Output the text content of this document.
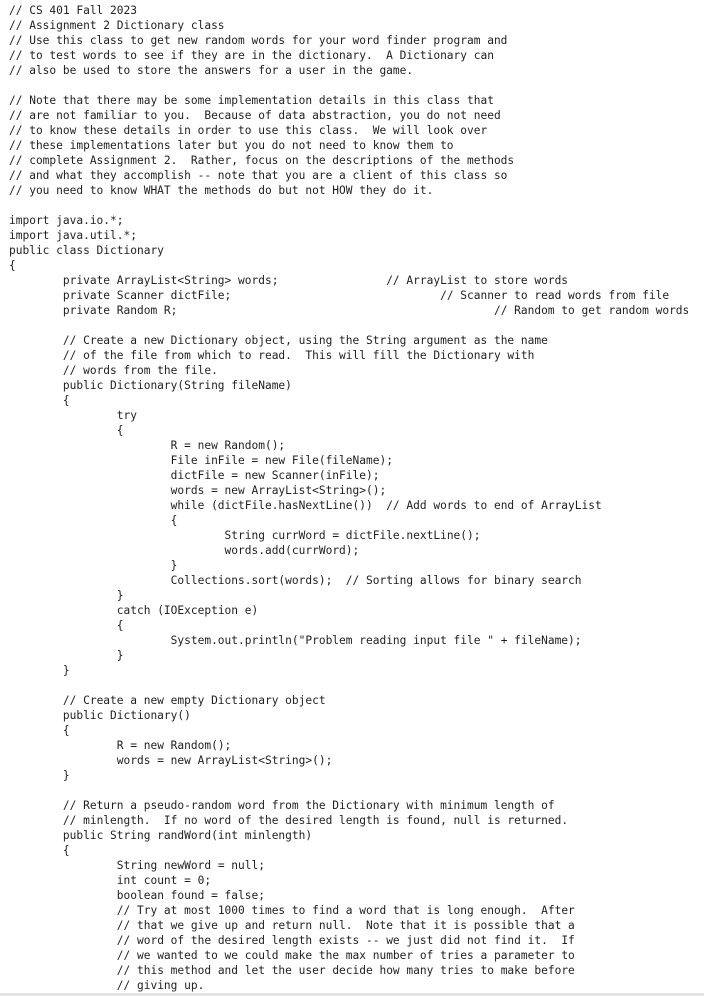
// CS 401 Fall 2023
// Assignment 2 Dictionary class
// Use this class to get new random words for your word finder program and
// to test words to see if they are in the dictionary.  A Dictionary can
// also be used to store the answers for a user in the game.
// Note that there may be some implementation details in this class that
// are not familiar to you.  Because of data abstraction, you do not need
// to know these details in order to use this class.  We will look over
// these implementations later but you do not need to know them to
// complete Assignment 2.  Rather, focus on the descriptions of the methods
// and what they accomplish -- note that you are a client of this class so
// you need to know WHAT the methods do but not HOW they do it.
import java.io.*;
import java.util.*;
public class Dictionary
{
	private ArrayList<String> words;		// ArrayList to store words
	private Scanner dictFile;				// Scanner to read words from file
	private Random R;						// Random to get random words
	// Create a new Dictionary object, using the String argument as the name
	// of the file from which to read.  This will fill the Dictionary with
	// words from the file.
	public Dictionary(String fileName)
	{
		try
		{
			R = new Random();
			File inFile = new File(fileName);
			dictFile = new Scanner(inFile);
			words = new ArrayList<String>();
			while (dictFile.hasNextLine())  // Add words to end of ArrayList
			{
				String currWord = dictFile.nextLine();
				words.add(currWord);
			}
			Collections.sort(words);  // Sorting allows for binary search
		}
		catch (IOException e)
		{
			System.out.println("Problem reading input file " + fileName);
		}
	}
	// Create a new empty Dictionary object
	public Dictionary()
	{
		R = new Random();
		words = new ArrayList<String>();
	}
	// Return a pseudo-random word from the Dictionary with minimum length of
	// minlength.  If no word of the desired length is found, null is returned.
	public String randWord(int minlength)
	{
		String newWord = null;
		int count = 0;
		boolean found = false;
		// Try at most 1000 times to find a word that is long enough.  After
		// that we give up and return null.  Note that it is possible that a
		// word of the desired length exists -- we just did not find it.  If
		// we wanted to we could make the max number of tries a parameter to
		// this method and let the user decide how many tries to make before
		// giving up.
